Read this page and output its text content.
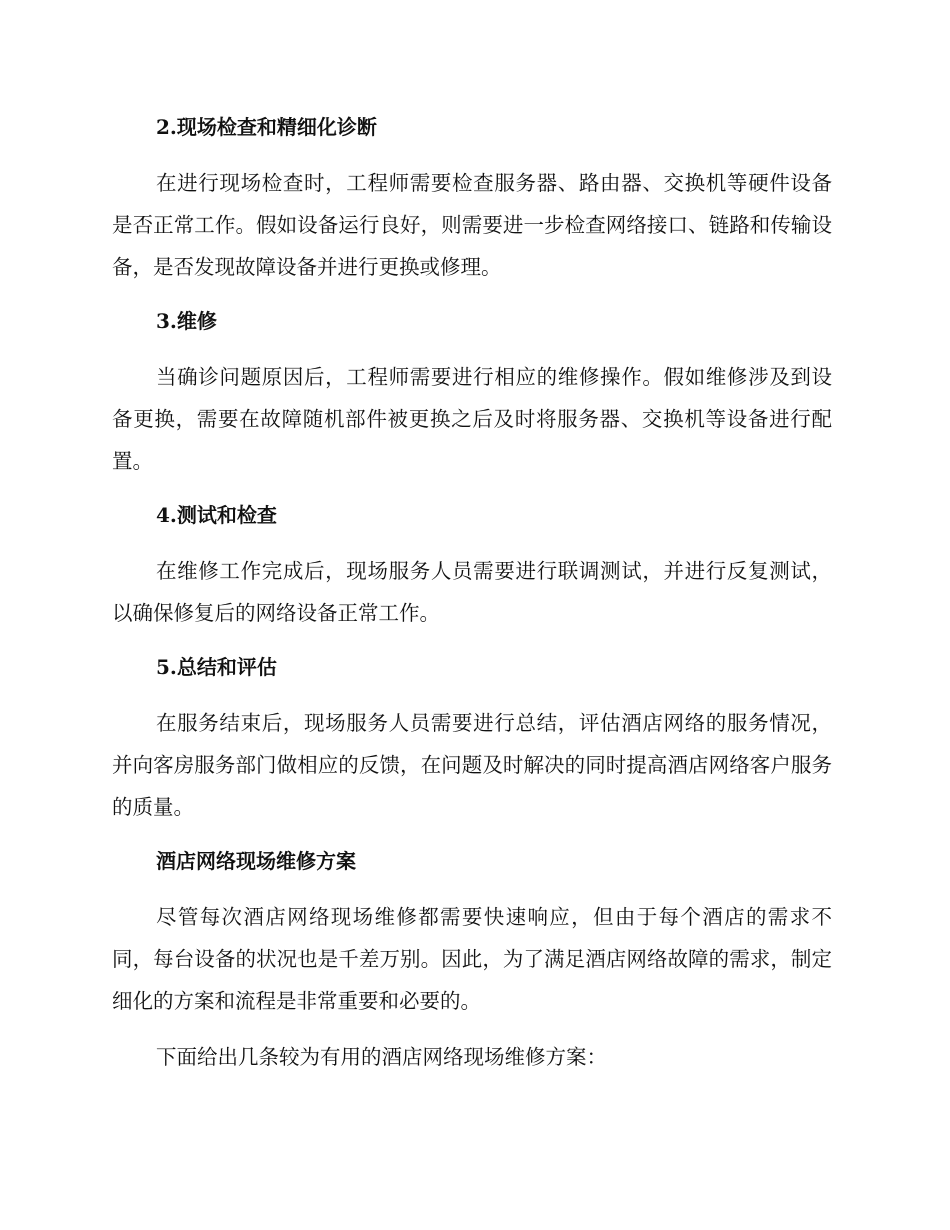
2.现场检查和精细化诊断

在进行现场检查时，工程师需要检查服务器、路由器、交换机等硬件设备是否正常工作。假如设备运行良好，则需要进一步检查网络接口、链路和传输设备，是否发现故障设备并进行更换或修理。

3.维修

当确诊问题原因后，工程师需要进行相应的维修操作。假如维修涉及到设备更换，需要在故障随机部件被更换之后及时将服务器、交换机等设备进行配置。

4.测试和检查

在维修工作完成后，现场服务人员需要进行联调测试，并进行反复测试，以确保修复后的网络设备正常工作。

5.总结和评估

在服务结束后，现场服务人员需要进行总结，评估酒店网络的服务情况，并向客房服务部门做相应的反馈，在问题及时解决的同时提高酒店网络客户服务的质量。

酒店网络现场维修方案

尽管每次酒店网络现场维修都需要快速响应，但由于每个酒店的需求不同，每台设备的状况也是千差万别。因此，为了满足酒店网络故障的需求，制定细化的方案和流程是非常重要和必要的。

下面给出几条较为有用的酒店网络现场维修方案：
